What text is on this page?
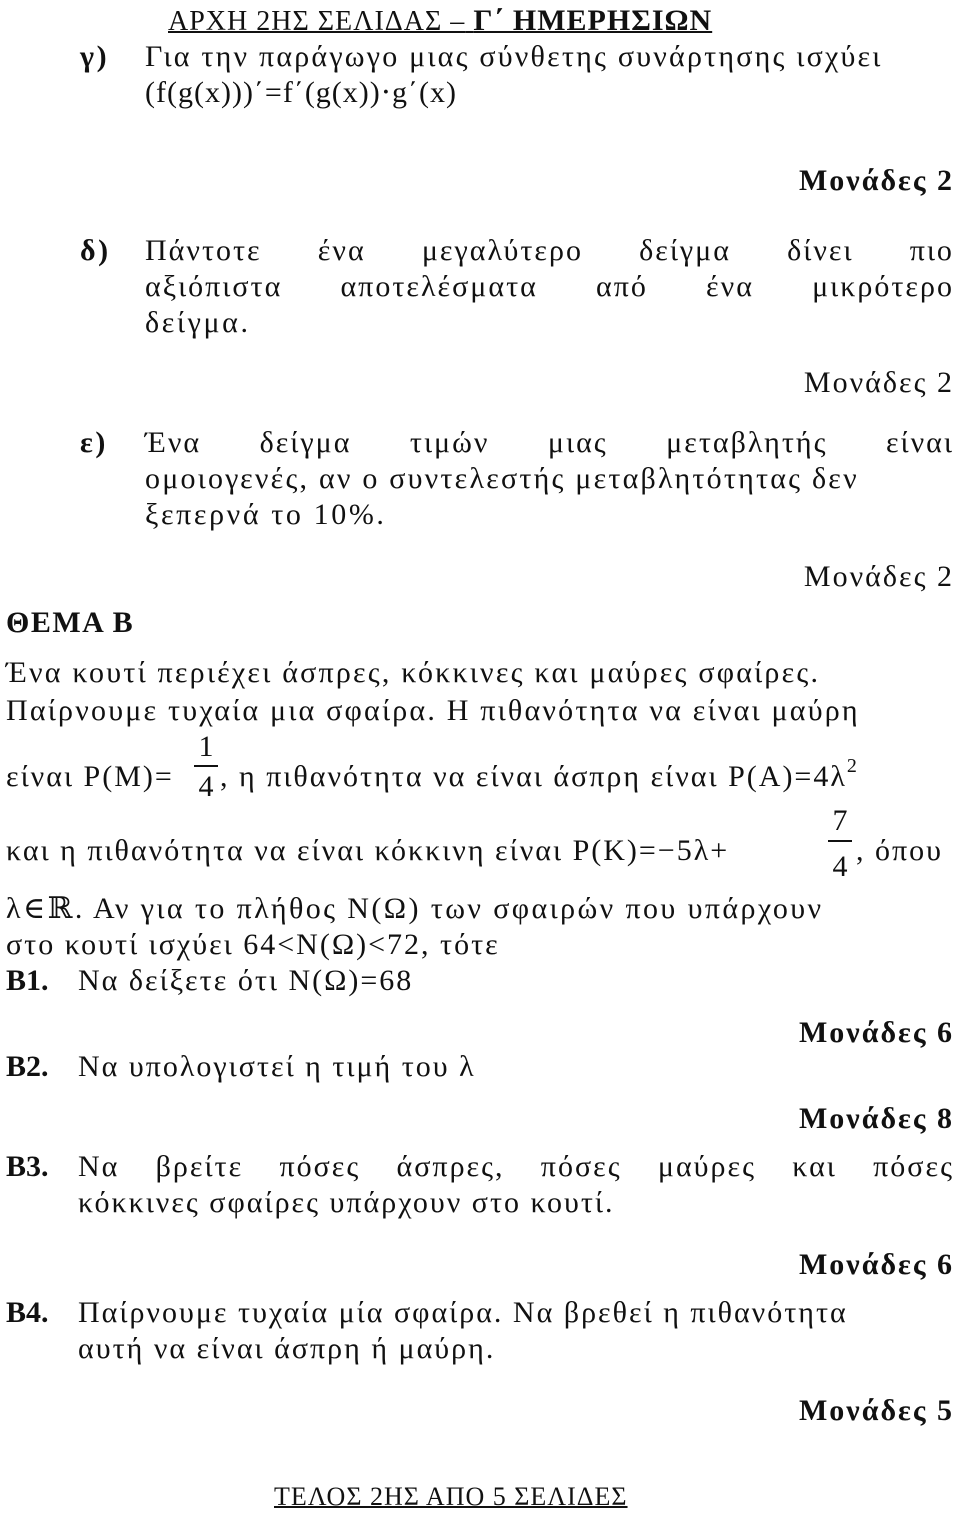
ΑΡΧΗ 2ΗΣ ΣΕΛΙΔΑΣ – Γ΄ ΗΜΕΡΗΣΙΩΝ
γ)	Για την παράγωγο μιας σύνθετης συνάρτησης ισχύει
(f(g(x)))΄=f΄(g(x))⋅g΄(x)
Μονάδες 2
δ)	Πάντοτε ένα μεγαλύτερο δείγμα δίνει πιο
αξιόπιστα αποτελέσματα από ένα μικρότερο
δείγμα.
Μονάδες 2
ε)	Ένα δείγμα τιμών μιας μεταβλητής είναι
ομοιογενές, αν ο συντελεστής μεταβλητότητας δεν
ξεπερνά το 10%.
Μονάδες 2
ΘΕΜΑ Β
Ένα κουτί περιέχει άσπρες, κόκκινες και μαύρες σφαίρες.
Παίρνουμε τυχαία μια σφαίρα. Η πιθανότητα να είναι μαύρη
είναι P(M)=
1
4 , η πιθανότητα να είναι άσπρη είναι $P(A)=4\lambda^2$
και η πιθανότητα να είναι κόκκινη είναι P(K)=−5λ+
7
4 , όπου
λ∈ℝ. Αν για το πλήθος Ν(Ω) των σφαιρών που υπάρχουν
στο κουτί ισχύει 64<Ν(Ω)<72, τότε
Β1. Να δείξετε ότι Ν(Ω)=68
Μονάδες 6
Β2. Να υπολογιστεί η τιμή του λ
Μονάδες 8
Β3. Να βρείτε πόσες άσπρες, πόσες μαύρες και πόσες
κόκκινες σφαίρες υπάρχουν στο κουτί.
Μονάδες 6
Β4. Παίρνουμε τυχαία μία σφαίρα. Να βρεθεί η πιθανότητα
αυτή να είναι άσπρη ή μαύρη.
Μονάδες 5
ΤΕΛΟΣ 2ΗΣ ΑΠΟ 5 ΣΕΛΙΔΕΣ
